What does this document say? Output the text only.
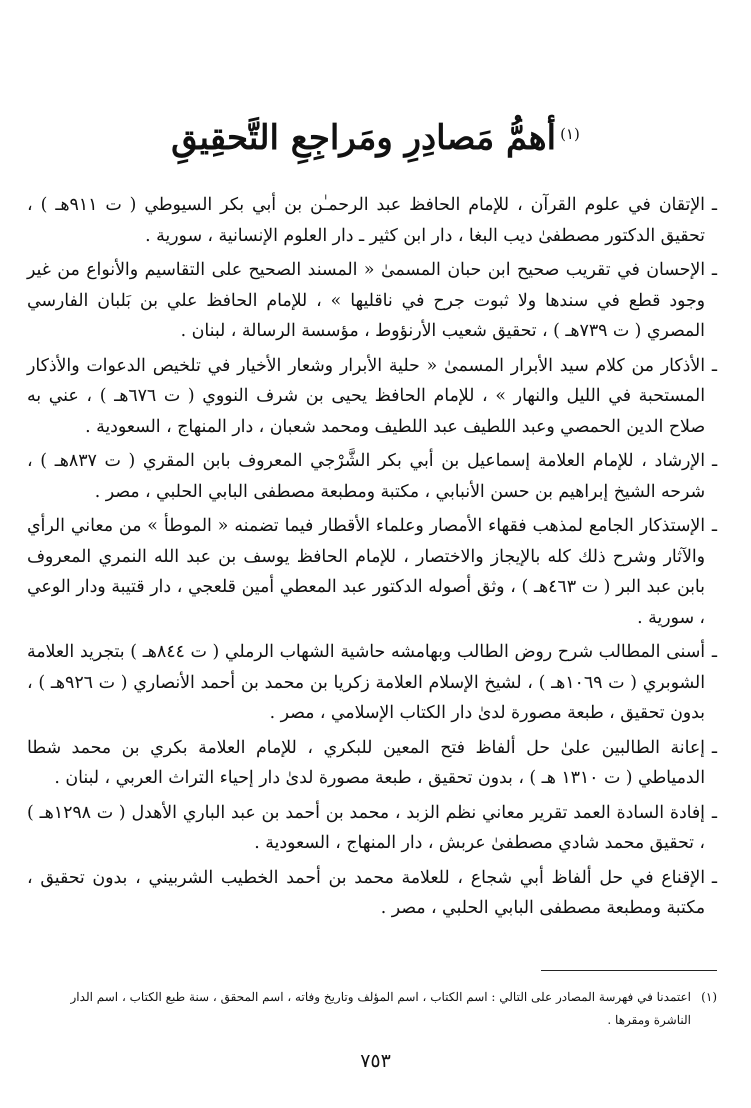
$^{(١)}$أهمُّ مَصادِرِ ومَراجِعِ التَّحقِيقِ
ـالإتقان في علوم القرآن ، للإمام الحافظ عبد الرحمـٰن بن أبي بكر السيوطي ( ت ٩١١هـ ) ، تحقيق الدكتور مصطفىٰ ديب البغا ، دار ابن كثير ـ دار العلوم الإنسانية ، سورية .
ـالإحسان في تقريب صحيح ابن حبان المسمىٰ « المسند الصحيح على التقاسيم والأنواع من غير وجود قطع في سندها ولا ثبوت جرح في ناقليها » ، للإمام الحافظ علي بن بَلبان الفارسي المصري ( ت ٧٣٩هـ ) ، تحقيق شعيب الأرنؤوط ، مؤسسة الرسالة ، لبنان .
ـالأذكار من كلام سيد الأبرار المسمىٰ « حلية الأبرار وشعار الأخيار في تلخيص الدعوات والأذكار المستحبة في الليل والنهار » ، للإمام الحافظ يحيى بن شرف النووي ( ت ٦٧٦هـ ) ، عني به صلاح الدين الحمصي وعبد اللطيف عبد اللطيف ومحمد شعبان ، دار المنهاج ، السعودية .
ـالإرشاد ، للإمام العلامة إسماعيل بن أبي بكر الشَّرْجي المعروف بابن المقري ( ت ٨٣٧هـ ) ، شرحه الشيخ إبراهيم بن حسن الأنبابي ، مكتبة ومطبعة مصطفى البابي الحلبي ، مصر .
ـالإستذكار الجامع لمذهب فقهاء الأمصار وعلماء الأقطار فيما تضمنه « الموطأ » من معاني الرأي والآثار وشرح ذلك كله بالإيجاز والاختصار ، للإمام الحافظ يوسف بن عبد الله النمري المعروف بابن عبد البر ( ت ٤٦٣هـ ) ، وثق أصوله الدكتور عبد المعطي أمين قلعجي ، دار قتيبة ودار الوعي ، سورية .
ـأسنى المطالب شرح روض الطالب وبهامشه حاشية الشهاب الرملي ( ت ٨٤٤هـ ) بتجريد العلامة الشوبري ( ت ١٠٦٩هـ ) ، لشيخ الإسلام العلامة زكريا بن محمد بن أحمد الأنصاري ( ت ٩٢٦هـ ) ، بدون تحقيق ، طبعة مصورة لدىٰ دار الكتاب الإسلامي ، مصر .
ـإعانة الطالبين علىٰ حل ألفاظ فتح المعين للبكري ، للإمام العلامة بكري بن محمد شطا الدمياطي ( ت ١٣١٠ هـ ) ، بدون تحقيق ، طبعة مصورة لدىٰ دار إحياء التراث العربي ، لبنان .
ـإفادة السادة العمد تقرير معاني نظم الزبد ، محمد بن أحمد بن عبد الباري الأهدل ( ت ١٢٩٨هـ ) ، تحقيق محمد شادي مصطفىٰ عربش ، دار المنهاج ، السعودية .
ـالإقناع في حل ألفاظ أبي شجاع ، للعلامة محمد بن أحمد الخطيب الشربيني ، بدون تحقيق ، مكتبة ومطبعة مصطفى البابي الحلبي ، مصر .
(١)اعتمدنا في فهرسة المصادر على التالي : اسم الكتاب ، اسم المؤلف وتاريخ وفاته ، اسم المحقق ، سنة طبع الكتاب ، اسم الدار
الناشرة ومقرها .
٧٥٣
